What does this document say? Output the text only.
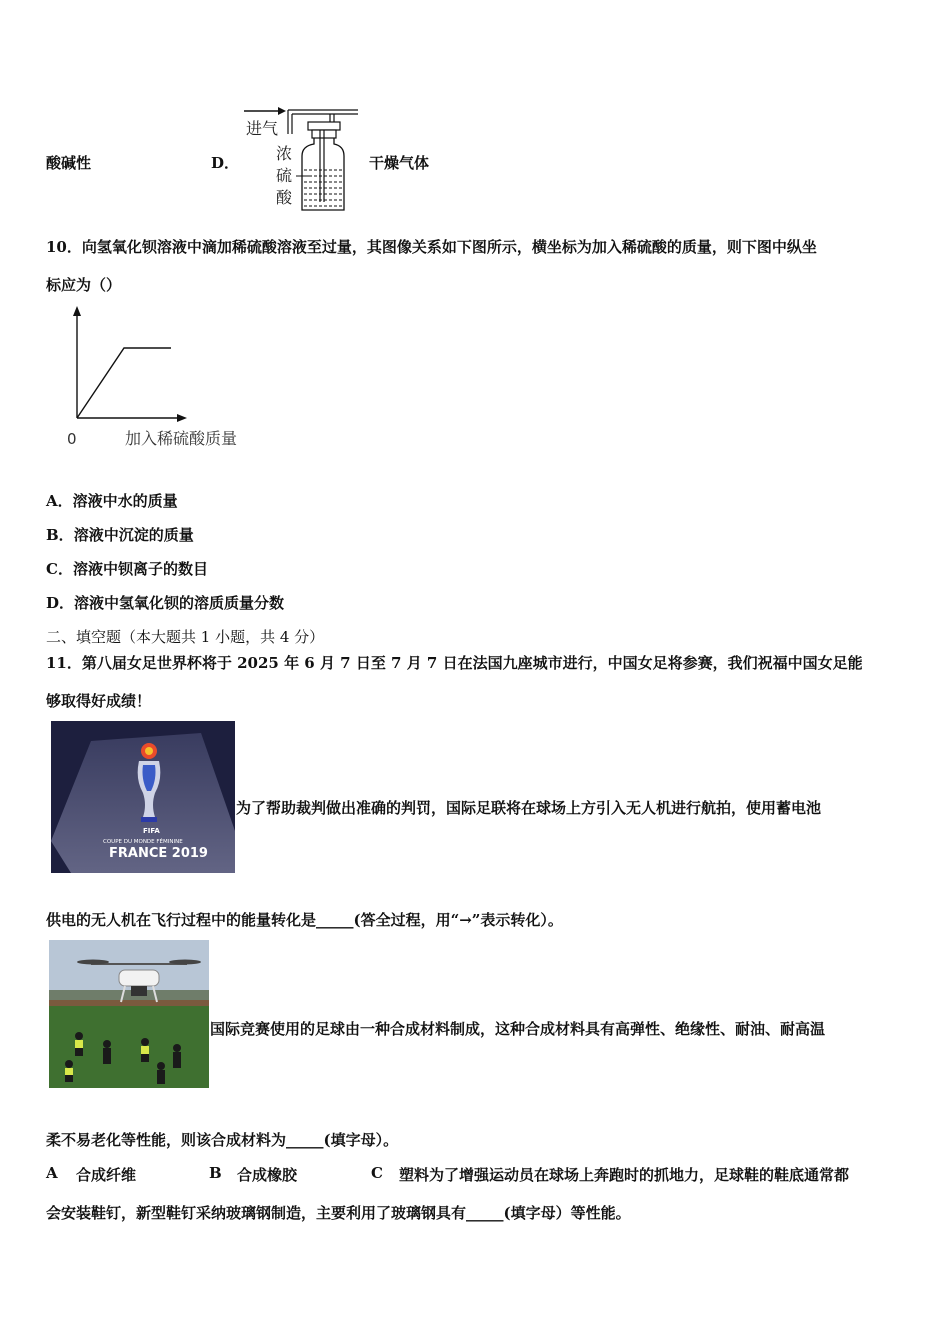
酸碱性	D．
进气
浓
硫
酸
干燥气体
10．向氢氧化钡溶液中滴加稀硫酸溶液至过量，其图像关系如下图所示，横坐标为加入稀硫酸的质量，则下图中纵坐
标应为（）
0	加入稀硫酸质量
A．溶液中水的质量
B．溶液中沉淀的质量
C．溶液中钡离子的数目
D．溶液中氢氧化钡的溶质质量分数
二、填空题（本大题共 1 小题，共 4 分）
11．第八届女足世界杯将于 2025 年 6 月 7 日至 7 月 7 日在法国九座城市进行，中国女足将参赛，我们祝福中国女足能
够取得好成绩！
FIFA
COUPE DU MONDE FÉMININE
FRANCE 2019
为了帮助裁判做出准确的判罚，国际足联将在球场上方引入无人机进行航拍，使用蓄电池
供电的无人机在飞行过程中的能量转化是_____(答全过程，用“→”表示转化）。
国际竞赛使用的足球由一种合成材料制成，这种合成材料具有高弹性、绝缘性、耐油、耐高温
柔不易老化等性能，则该合成材料为_____(填字母）。
A 合成纤维	B 合成橡胶	C 塑料为了增强运动员在球场上奔跑时的抓地力，足球鞋的鞋底通常都
会安装鞋钉，新型鞋钉采纳玻璃钢制造，主要利用了玻璃钢具有_____(填字母）等性能。
